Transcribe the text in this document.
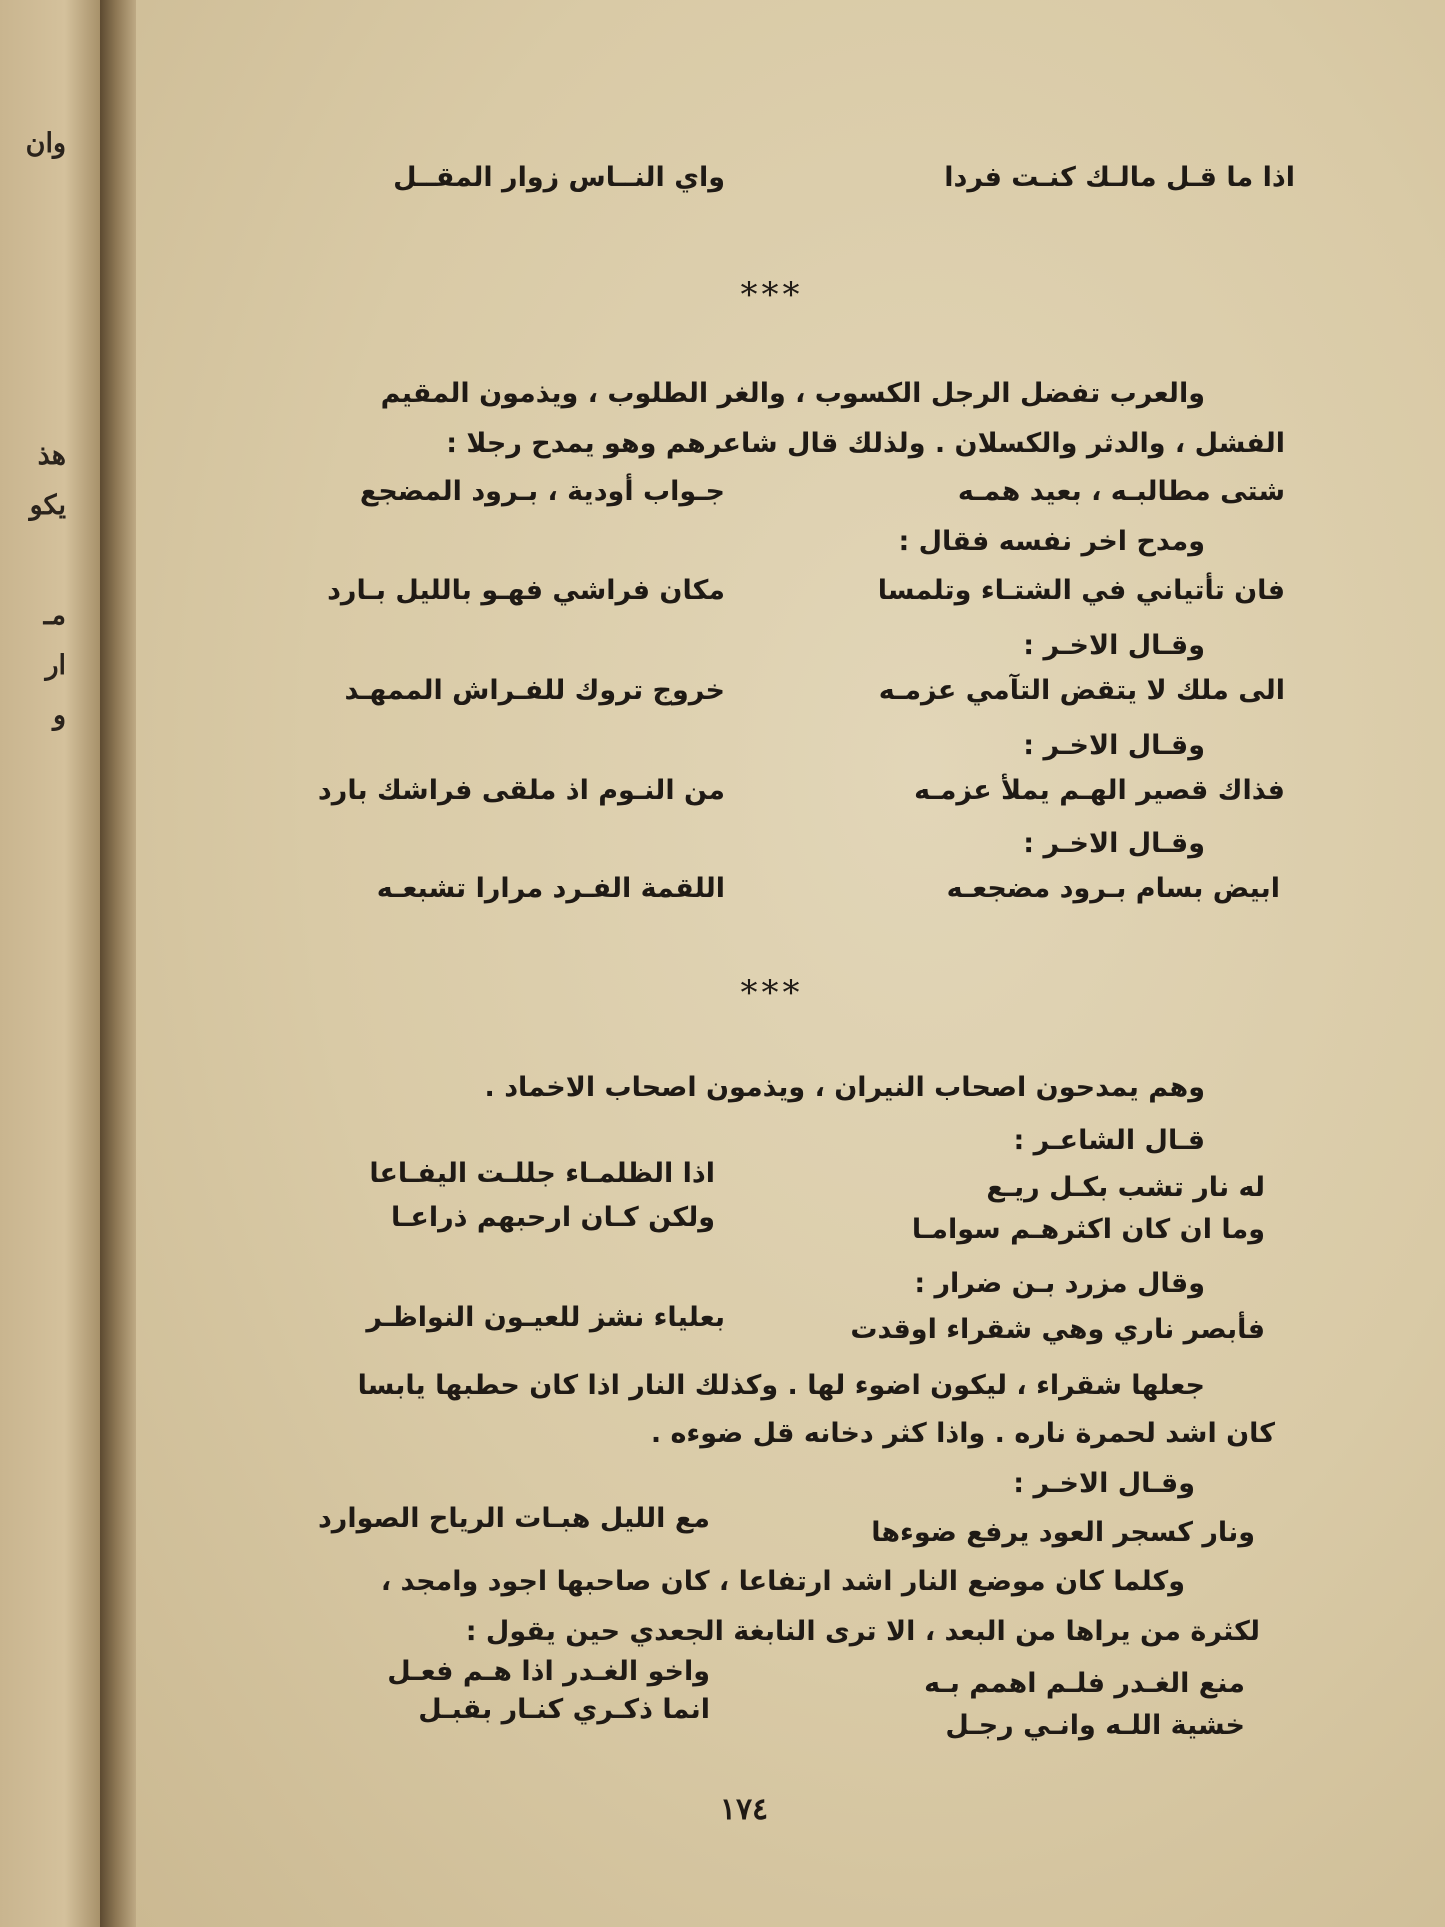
وان
هذ
يكو
مـ
ار
و
اذا ما قـل مالـك كنـت فردا
واي النــاس زوار المقــل
***
والعرب تفضل الرجل الكسوب ، والغر الطلوب ، ويذمون المقيم
الفشل ، والدثر والكسلان . ولذلك قال شاعرهم وهو يمدح رجلا :
شتى مطالبـه ، بعيد همـه
جـواب أودية ، بـرود المضجع
ومدح اخر نفسه فقال :
فان تأتياني في الشتـاء وتلمسا
مكان فراشي فهـو بالليل بـارد
وقـال الاخـر :
الى ملك لا يتقض التآمي عزمـه
خروج تروك للفـراش الممهـد
وقـال الاخـر :
فذاك قصير الهـم يملأ عزمـه
من النـوم اذ ملقى فراشك بارد
وقـال الاخـر :
ابيض بسام بـرود مضجعـه
اللقمة الفـرد مرارا تشبعـه
***
وهم يمدحون اصحاب النيران ، ويذمون اصحاب الاخماد .
قـال الشاعـر :
له نار تشب بكـل ريـع
اذا الظلمـاء جللـت اليفـاعا
وما ان كان اكثرهـم سوامـا
ولكن كـان ارحبهم ذراعـا
وقال مزرد بـن ضرار :
فأبصر ناري وهي شقراء اوقدت
بعلياء نشز للعيـون النواظـر
جعلها شقراء ، ليكون اضوء لها . وكذلك النار اذا كان حطبها يابسا
كان اشد لحمرة ناره . واذا كثر دخانه قل ضوءه .
وقـال الاخـر :
ونار كسجر العود يرفع ضوءها
مع الليل هبـات الرياح الصوارد
وكلما كان موضع النار اشد ارتفاعا ، كان صاحبها اجود وامجد ،
لكثرة من يراها من البعد ، الا ترى النابغة الجعدي حين يقول :
منع الغـدر فلـم اهمم بـه
واخو الغـدر اذا هـم فعـل
خشية اللـه وانـي رجـل
انما ذكـري كنـار بقبـل
١٧٤
